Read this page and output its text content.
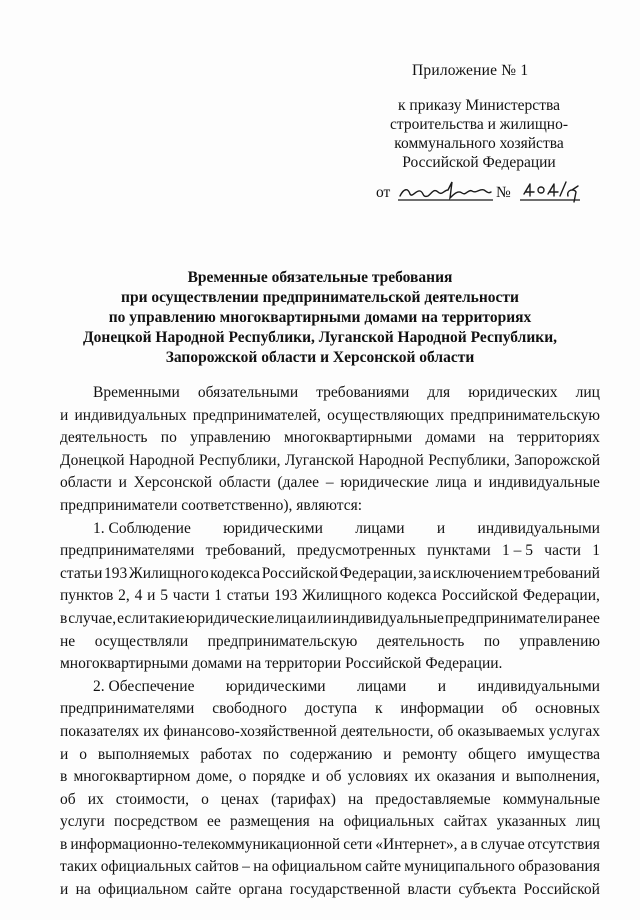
Приложение № 1
к приказу Министерства
строительства и жилищно-
коммунального хозяйства
Российской Федерации
от	№
Временные обязательные требования
при осуществлении предпринимательской деятельности
по управлению многоквартирными домами на территориях
Донецкой Народной Республики, Луганской Народной Республики,
Запорожской области и Херсонской области
Временными обязательными требованиями для юридических лиц
и индивидуальных предпринимателей, осуществляющих предпринимательскую
деятельность по управлению многоквартирными домами на территориях
Донецкой Народной Республики, Луганской Народной Республики, Запорожской
области и Херсонской области (далее – юридические лица и индивидуальные
предприниматели соответственно), являются:
1. Соблюдение юридическими лицами и индивидуальными
предпринимателями требований, предусмотренных пунктами 1 – 5 части 1
статьи 193 Жилищного кодекса Российской Федерации, за исключением требований
пунктов 2, 4 и 5 части 1 статьи 193 Жилищного кодекса Российской Федерации,
в случае, если такие юридические лица или индивидуальные предприниматели ранее
не осуществляли предпринимательскую деятельность по управлению
многоквартирными домами на территории Российской Федерации.
2. Обеспечение юридическими лицами и индивидуальными
предпринимателями свободного доступа к информации об основных
показателях их финансово-хозяйственной деятельности, об оказываемых услугах
и о выполняемых работах по содержанию и ремонту общего имущества
в многоквартирном доме, о порядке и об условиях их оказания и выполнения,
об их стоимости, о ценах (тарифах) на предоставляемые коммунальные
услуги посредством ее размещения на официальных сайтах указанных лиц
в информационно-телекоммуникационной сети «Интернет», а в случае отсутствия
таких официальных сайтов – на официальном сайте муниципального образования
и на официальном сайте органа государственной власти субъекта Российской
